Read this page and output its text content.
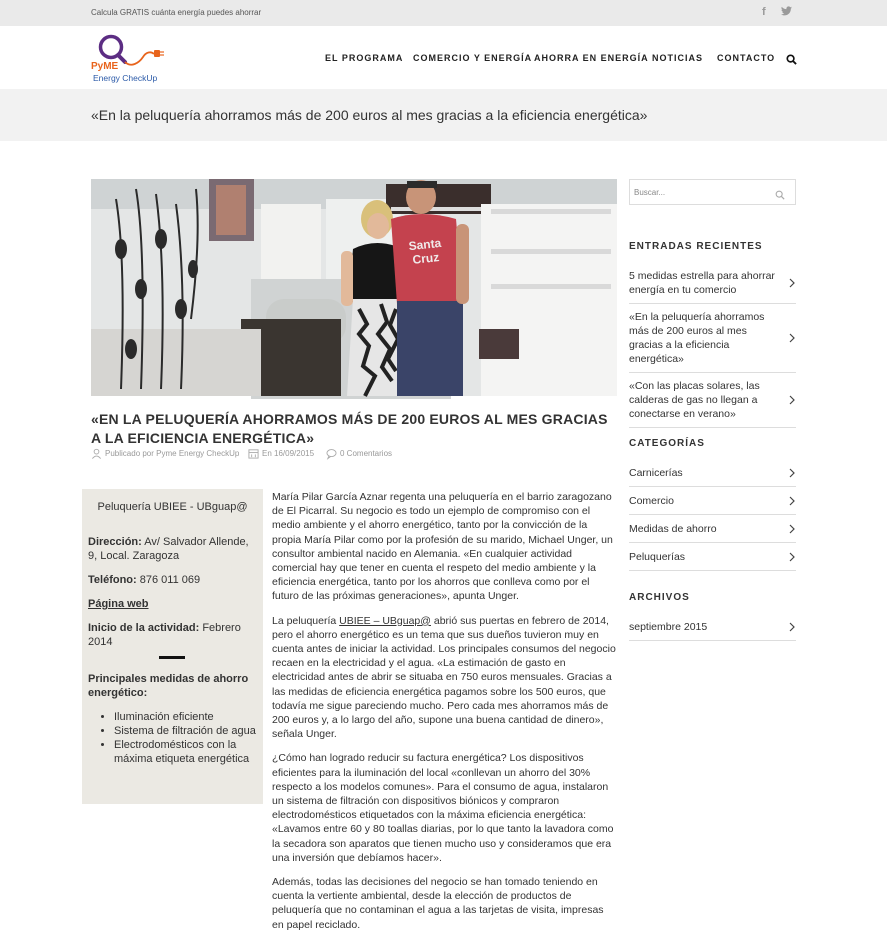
Calcula GRATIS cuánta energía puedes ahorrar	f
PyME
Energy CheckUp
EL PROGRAMA COMERCIO Y ENERGÍA AHORRA EN ENERGÍA NOTICIAS CONTACTO
«En la peluquería ahorramos más de 200 euros al mes gracias a la eficiencia energética»
Santa
Cruz
«EN LA PELUQUERÍA AHORRAMOS MÁS DE 200 EUROS AL MES GRACIAS A LA EFICIENCIA ENERGÉTICA»
Publicado por Pyme Energy CheckUp	En 16/09/2015	0 Comentarios
Peluquería UBIEE - UBguap@
Dirección: Av/ Salvador Allende, 9, Local. Zaragoza
Teléfono: 876 011 069
Página web
Inicio de la actividad: Febrero 2014
Principales medidas de ahorro energético:
• Iluminación eficiente
• Sistema de filtración de agua
• Electrodomésticos con la máxima etiqueta energética

María Pilar García Aznar regenta una peluquería en el barrio zaragozano de El Picarral. Su negocio es todo un ejemplo de compromiso con el medio ambiente y el ahorro energético, tanto por la convicción de la propia María Pilar como por la profesión de su marido, Michael Unger, un consultor ambiental nacido en Alemania. «En cualquier actividad comercial hay que tener en cuenta el respeto del medio ambiente y la eficiencia energética, tanto por los ahorros que conlleva como por el futuro de las próximas generaciones», apunta Unger.

La peluquería UBIEE – UBguap@ abrió sus puertas en febrero de 2014, pero el ahorro energético es un tema que sus dueños tuvieron muy en cuenta antes de iniciar la actividad. Los principales consumos del negocio recaen en la electricidad y el agua. «La estimación de gasto en electricidad antes de abrir se situaba en 750 euros mensuales. Gracias a las medidas de eficiencia energética pagamos sobre los 500 euros, que todavía me sigue pareciendo mucho. Pero cada mes ahorramos más de 200 euros y, a lo largo del año, supone una buena cantidad de dinero», señala Unger.

¿Cómo han logrado reducir su factura energética? Los dispositivos eficientes para la iluminación del local «conllevan un ahorro del 30% respecto a los modelos comunes». Para el consumo de agua, instalaron un sistema de filtración con dispositivos biónicos y compraron electrodomésticos etiquetados con la máxima eficiencia energética: «Lavamos entre 60 y 80 toallas diarias, por lo que tanto la lavadora como la secadora son aparatos que tienen mucho uso y consideramos que era una inversión que debíamos hacer».

Además, todas las decisiones del negocio se han tomado teniendo en cuenta la vertiente ambiental, desde la elección de productos de peluquería que no contaminan el agua a las tarjetas de visita, impresas en papel reciclado.

Buscar...
ENTRADAS RECIENTES
5 medidas estrella para ahorrar energía en tu comercio
«En la peluquería ahorramos más de 200 euros al mes gracias a la eficiencia energética»
«Con las placas solares, las calderas de gas no llegan a conectarse en verano»
CATEGORÍAS
Carnicerías
Comercio
Medidas de ahorro
Peluquerías
ARCHIVOS
septiembre 2015
